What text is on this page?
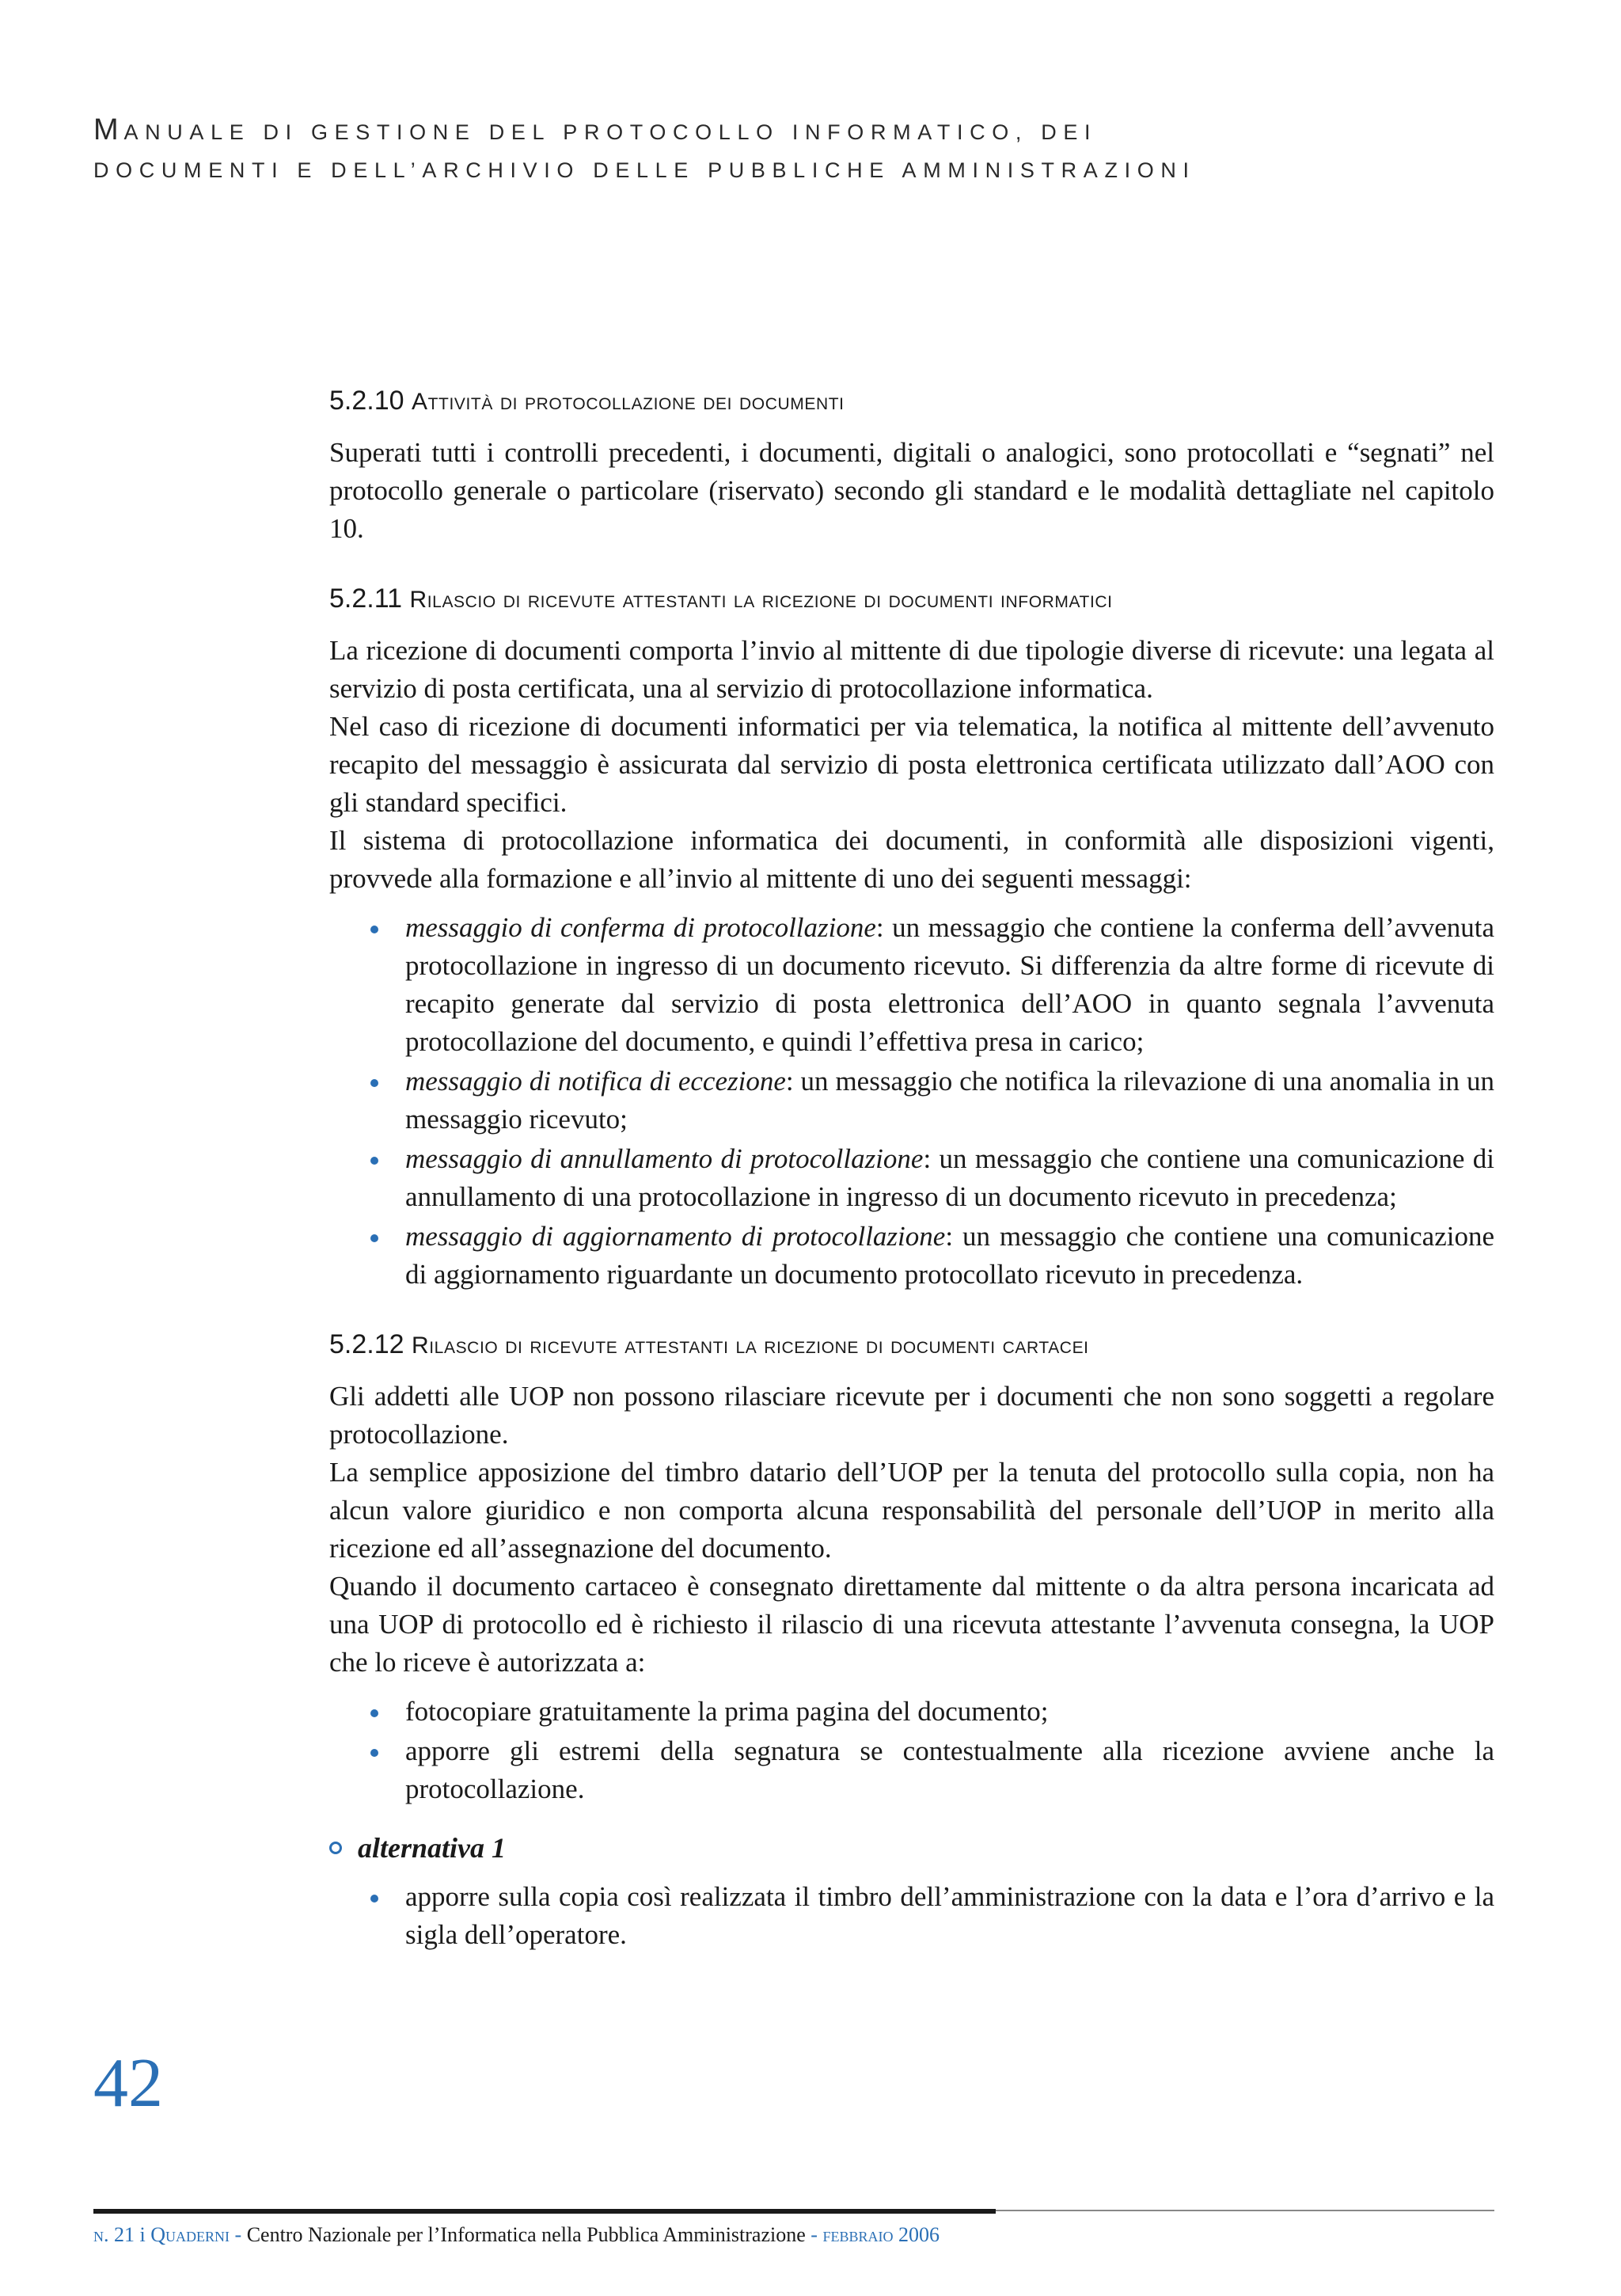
MANUALE DI GESTIONE DEL PROTOCOLLO INFORMATICO, DEI
DOCUMENTI E DELL’ARCHIVIO DELLE PUBBLICHE AMMINISTRAZIONI
5.2.10 Attività di protocollazione dei documenti

Superati tutti i controlli precedenti, i documenti, digitali o analogici, sono protocollati e “segnati” nel protocollo generale o particolare (riservato) secondo gli standard e le modalità dettagliate nel capitolo 10.

5.2.11 Rilascio di ricevute attestanti la ricezione di documenti informatici

La ricezione di documenti comporta l’invio al mittente di due tipologie diverse di ricevute: una legata al servizio di posta certificata, una al servizio di protocollazione informatica.

Nel caso di ricezione di documenti informatici per via telematica, la notifica al mittente dell’avvenuto recapito del messaggio è assicurata dal servizio di posta elettronica certificata utilizzato dall’AOO con gli standard specifici.

Il sistema di protocollazione informatica dei documenti, in conformità alle disposizioni vigenti, provvede alla formazione e all’invio al mittente di uno dei seguenti messaggi:

messaggio di conferma di protocollazione: un messaggio che contiene la conferma dell’avvenuta protocollazione in ingresso di un documento ricevuto. Si differenzia da altre forme di ricevute di recapito generate dal servizio di posta elettronica dell’AOO in quanto segnala l’avvenuta protocollazione del documento, e quindi l’effettiva presa in carico;
messaggio di notifica di eccezione: un messaggio che notifica la rilevazione di una anomalia in un messaggio ricevuto;
messaggio di annullamento di protocollazione: un messaggio che contiene una comunicazione di annullamento di una protocollazione in ingresso di un documento ricevuto in precedenza;
messaggio di aggiornamento di protocollazione: un messaggio che contiene una comunicazione di aggiornamento riguardante un documento protocollato ricevuto in precedenza.
5.2.12 Rilascio di ricevute attestanti la ricezione di documenti cartacei

Gli addetti alle UOP non possono rilasciare ricevute per i documenti che non sono soggetti a regolare protocollazione.

La semplice apposizione del timbro datario dell’UOP per la tenuta del protocollo sulla copia, non ha alcun valore giuridico e non comporta alcuna responsabilità del personale dell’UOP in merito alla ricezione ed all’assegnazione del documento.

Quando il documento cartaceo è consegnato direttamente dal mittente o da altra persona incaricata ad una UOP di protocollo ed è richiesto il rilascio di una ricevuta attestante l’avvenuta consegna, la UOP che lo riceve è autorizzata a:

fotocopiare gratuitamente la prima pagina del documento;
apporre gli estremi della segnatura se contestualmente alla ricezione avviene anche la protocollazione.
alternativa 1
apporre sulla copia così realizzata il timbro dell’amministrazione con la data e l’ora d’arrivo e la sigla dell’operatore.
42
n. 21 i Quaderni - Centro Nazionale per l’Informatica nella Pubblica Amministrazione - febbraio 2006
